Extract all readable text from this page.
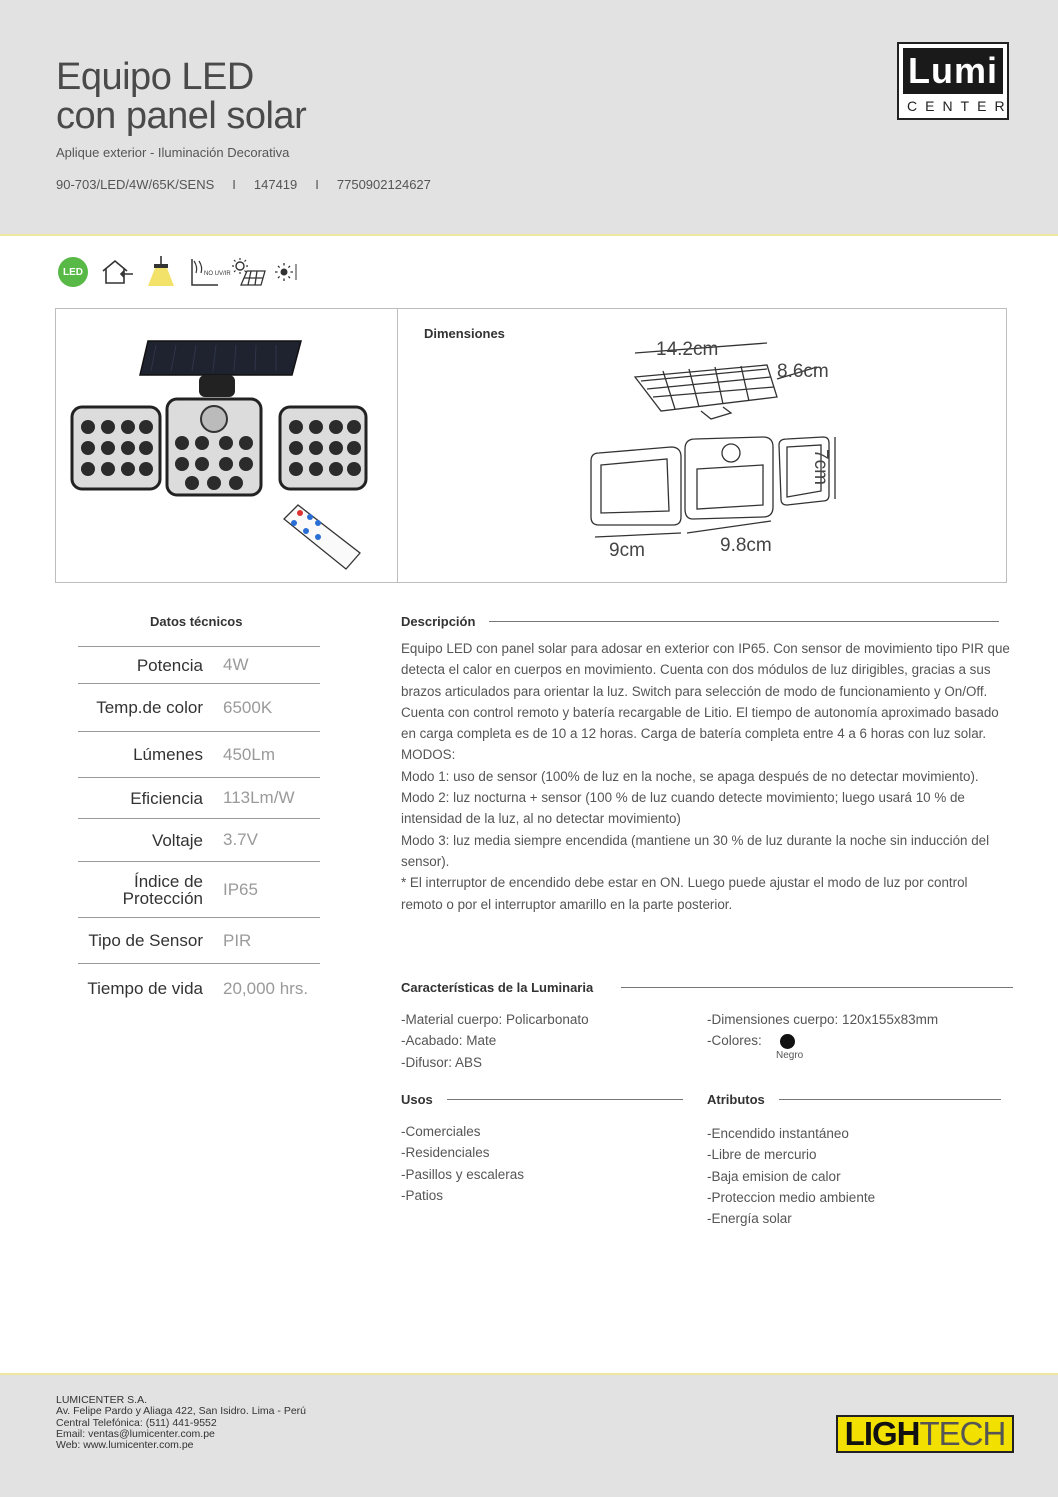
Equipo LED
con panel solar
Aplique exterior - Iluminación Decorativa
90-703/LED/4W/65K/SENS I 147419 I 7750902124627
Lumi
CENTER
LED	NO UV/IR
Dimensiones
14.2cm
8.6cm
7cm
9cm	9.8cm
Datos técnicos
Potencia	4W
Temp.de color	6500K
Lúmenes	450Lm
Eficiencia	113Lm/W
Voltaje	3.7V
Índice de Protección	IP65
Tipo de Sensor	PIR
Tiempo de vida	20,000 hrs.
Descripción

Equipo LED con panel solar para adosar en exterior con IP65. Con sensor de movimiento tipo PIR que detecta el calor en cuerpos en movimiento. Cuenta con dos módulos de luz dirigibles, gracias a sus brazos articulados para orientar la luz. Switch para selección de modo de funcionamiento y On/Off. Cuenta con control remoto y batería recargable de Litio. El tiempo de autonomía aproximado basado en carga completa es de 10 a 12 horas. Carga de batería completa entre 4 a 6 horas con luz solar.

MODOS:

Modo 1: uso de sensor (100% de luz en la noche, se apaga después de no detectar movimiento).

Modo 2: luz nocturna + sensor (100 % de luz cuando detecte movimiento; luego usará 10 % de intensidad de la luz, al no detectar movimiento)

Modo 3: luz media siempre encendida (mantiene un 30 % de luz durante la noche sin inducción del sensor).

* El interruptor de encendido debe estar en ON. Luego puede ajustar el modo de luz por control remoto o por el interruptor amarillo en la parte posterior.

Características de la Luminaria
-Material cuerpo: Policarbonato
-Acabado: Mate
-Difusor: ABS
-Dimensiones cuerpo: 120x155x83mm
-Colores:
Negro
Usos
-Comerciales
-Residenciales
-Pasillos y escaleras
-Patios
Atributos
-Encendido instantáneo
-Libre de mercurio
-Baja emision de calor
-Proteccion medio ambiente
-Energía solar
LUMICENTER S.A.
Av. Felipe Pardo y Aliaga 422, San Isidro. Lima - Perú
Central Telefónica: (511) 441-9552
Email: ventas@lumicenter.com.pe
Web: www.lumicenter.com.pe	LIGH TECH
